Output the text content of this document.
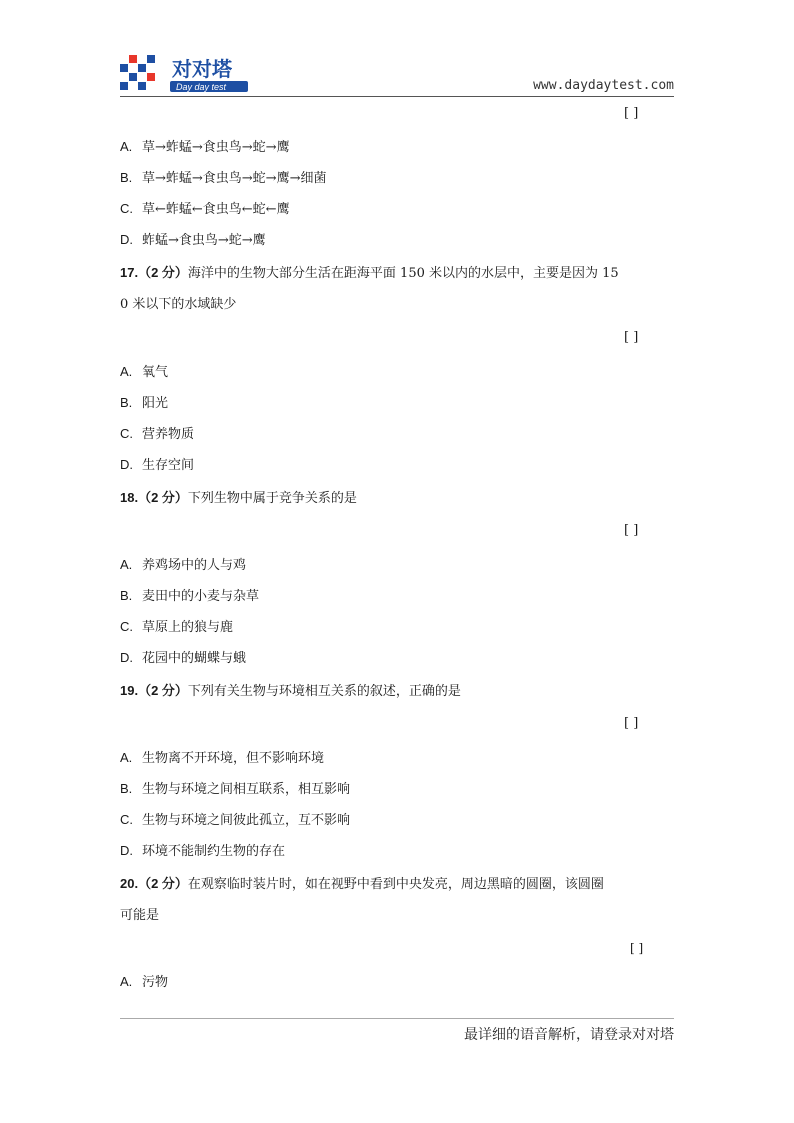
对对塔
Day day test	www.daydaytest.com
[ ]
A. 草→蚱蜢→食虫鸟→蛇→鹰
B. 草→蚱蜢→食虫鸟→蛇→鹰→细菌
C. 草←蚱蜢←食虫鸟←蛇←鹰
D. 蚱蜢→食虫鸟→蛇→鹰
17.（2 分）海洋中的生物大部分生活在距海平面 150 米以内的水层中，主要是因为 15
0 米以下的水域缺少
[ ]
A. 氧气
B. 阳光
C. 营养物质
D. 生存空间
18.（2 分）下列生物中属于竞争关系的是
[ ]
A. 养鸡场中的人与鸡
B. 麦田中的小麦与杂草
C. 草原上的狼与鹿
D. 花园中的蝴蝶与蛾
19.（2 分）下列有关生物与环境相互关系的叙述，正确的是
[ ]
A. 生物离不开环境，但不影响环境
B. 生物与环境之间相互联系，相互影响
C. 生物与环境之间彼此孤立，互不影响
D. 环境不能制约生物的存在
20.（2 分）在观察临时装片时，如在视野中看到中央发亮，周边黑暗的圆圈，该圆圈
可能是
[ ]
A. 污物
最详细的语音解析，请登录对对塔
